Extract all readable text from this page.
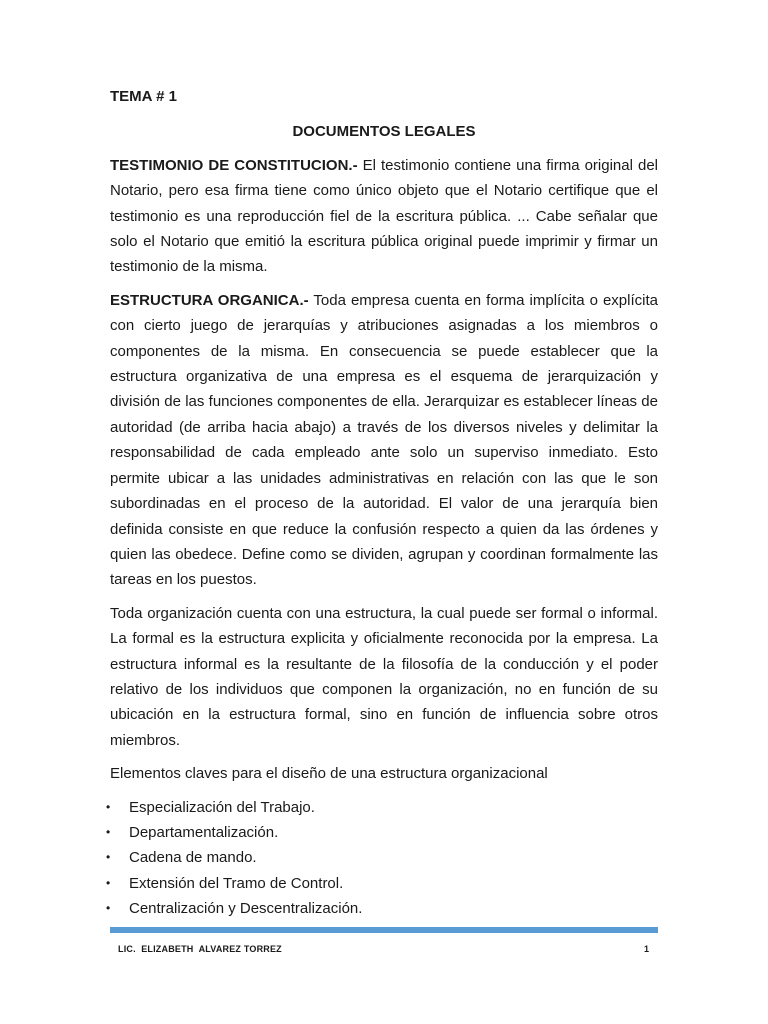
TEMA # 1

DOCUMENTOS LEGALES

TESTIMONIO DE CONSTITUCION.- El testimonio contiene una firma original del Notario, pero esa firma tiene como único objeto que el Notario certifique que el testimonio es una reproducción fiel de la escritura pública. ... Cabe señalar que solo el Notario que emitió la escritura pública original puede imprimir y firmar un testimonio de la misma.

ESTRUCTURA ORGANICA.- Toda empresa cuenta en forma implícita o explícita con cierto juego de jerarquías y atribuciones asignadas a los miembros o componentes de la misma. En consecuencia se puede establecer que la estructura organizativa de una empresa es el esquema de jerarquización y división de las funciones componentes de ella. Jerarquizar es establecer líneas de autoridad (de arriba hacia abajo) a través de los diversos niveles y delimitar la responsabilidad de cada empleado ante solo un superviso inmediato. Esto permite ubicar a las unidades administrativas en relación con las que le son subordinadas en el proceso de la autoridad. El valor de una jerarquía bien definida consiste en que reduce la confusión respecto a quien da las órdenes y quien las obedece. Define como se dividen, agrupan y coordinan formalmente las tareas en los puestos.

Toda organización cuenta con una estructura, la cual puede ser formal o informal. La formal es la estructura explicita y oficialmente reconocida por la empresa. La estructura informal es la resultante de la filosofía de la conducción y el poder relativo de los individuos que componen la organización, no en función de su ubicación en la estructura formal, sino en función de influencia sobre otros miembros.

Elementos claves para el diseño de una estructura organizacional

• Especialización del Trabajo.
• Departamentalización.
• Cadena de mando.
• Extensión del Tramo de Control.
• Centralización y Descentralización.
LIC.  ELIZABETH  ALVAREZ TORREZ	1
